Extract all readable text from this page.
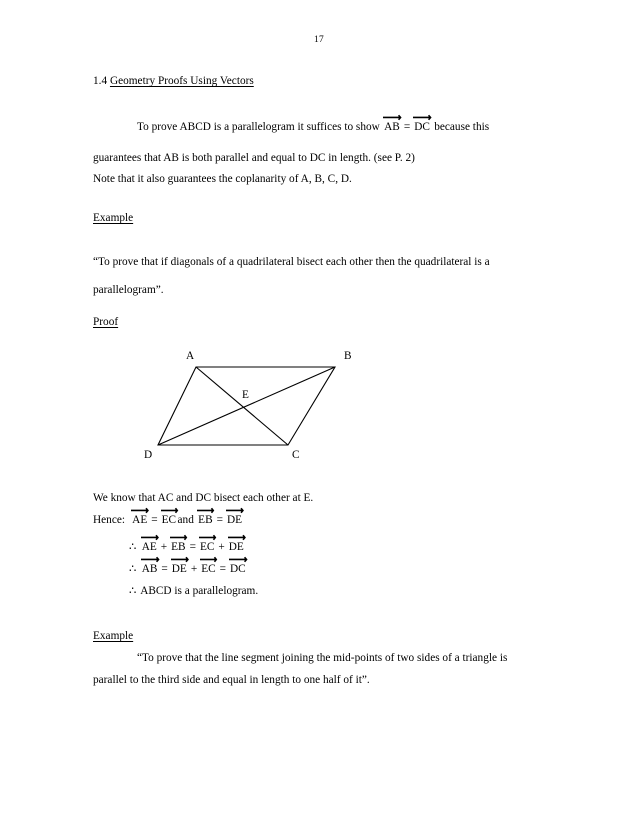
17
1.4 Geometry Proofs Using Vectors
To prove ABCD is a parallelogram it suffices to show AB = DC because this
guarantees that AB is both parallel and equal to DC in length. (see P. 2)
Note that it also guarantees the coplanarity of A, B, C, D.
Example
“To prove that if diagonals of a quadrilateral bisect each other then the quadrilateral is a
parallelogram”.
Proof
A	B
C
D
E
We know that AC and DC bisect each other at E.
Hence: AE = EC and EB = DE
∴ AE + EB = EC + DE
∴ AB = DE + EC = DC
∴ ABCD is a parallelogram.
Example
“To prove that the line segment joining the mid-points of two sides of a triangle is
parallel to the third side and equal in length to one half of it”.
